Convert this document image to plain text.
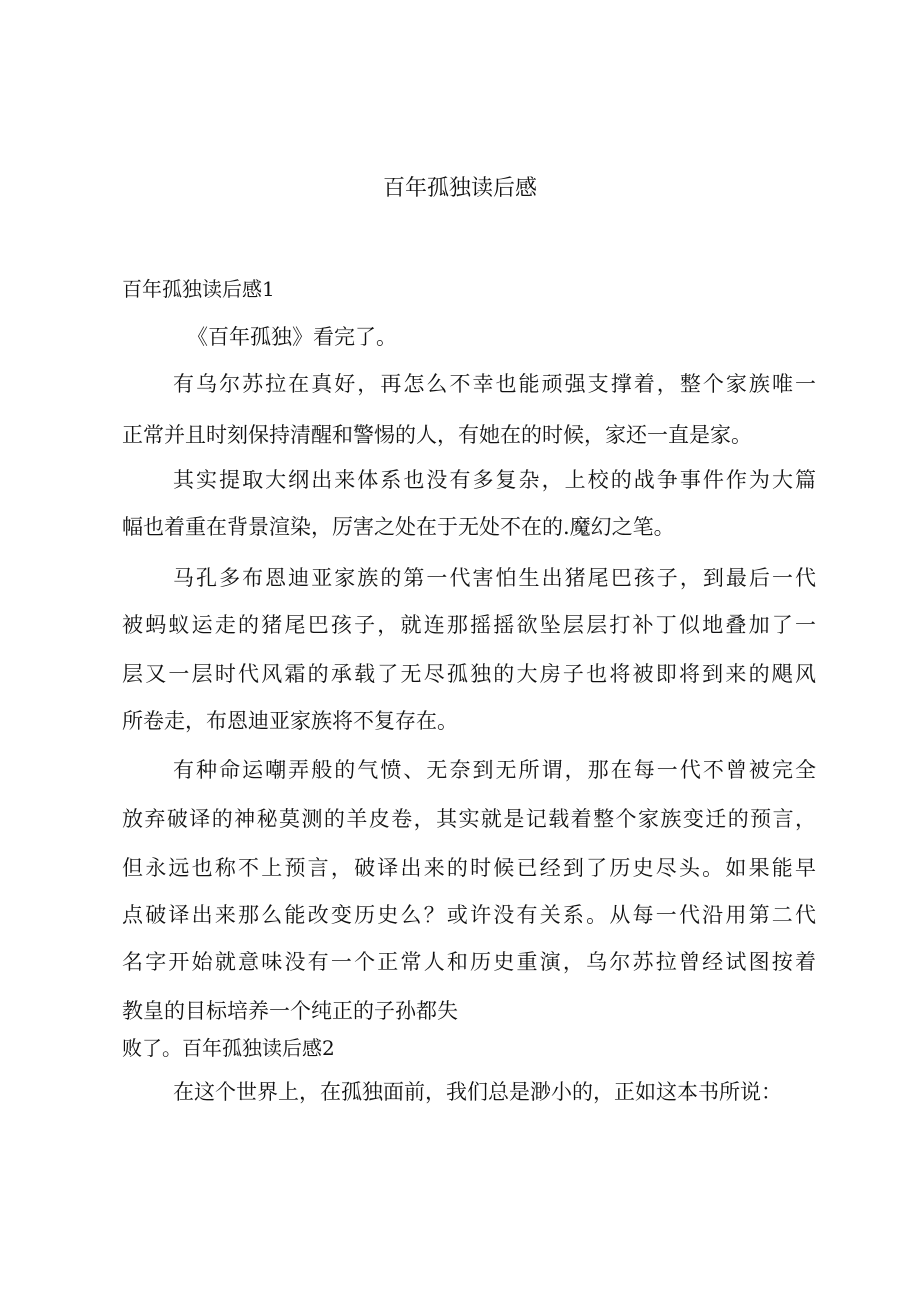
百年孤独读后感

百年孤独读后感1

《百年孤独》看完了。

有乌尔苏拉在真好，再怎么不幸也能顽强支撑着，整个家族唯一

正常并且时刻保持清醒和警惕的人，有她在的时候，家还一直是家。

其实提取大纲出来体系也没有多复杂，上校的战争事件作为大篇

幅也着重在背景渲染，厉害之处在于无处不在的.魔幻之笔。

马孔多布恩迪亚家族的第一代害怕生出猪尾巴孩子，到最后一代

被蚂蚁运走的猪尾巴孩子，就连那摇摇欲坠层层打补丁似地叠加了一

层又一层时代风霜的承载了无尽孤独的大房子也将被即将到来的飓风

所卷走，布恩迪亚家族将不复存在。

有种命运嘲弄般的气愤、无奈到无所谓，那在每一代不曾被完全

放弃破译的神秘莫测的羊皮卷，其实就是记载着整个家族变迁的预言，

但永远也称不上预言，破译出来的时候已经到了历史尽头。如果能早

点破译出来那么能改变历史么？或许没有关系。从每一代沿用第二代

名字开始就意味没有一个正常人和历史重演，乌尔苏拉曾经试图按着

教皇的目标培养一个纯正的子孙都失

败了。百年孤独读后感2

在这个世界上，在孤独面前，我们总是渺小的，正如这本书所说：
